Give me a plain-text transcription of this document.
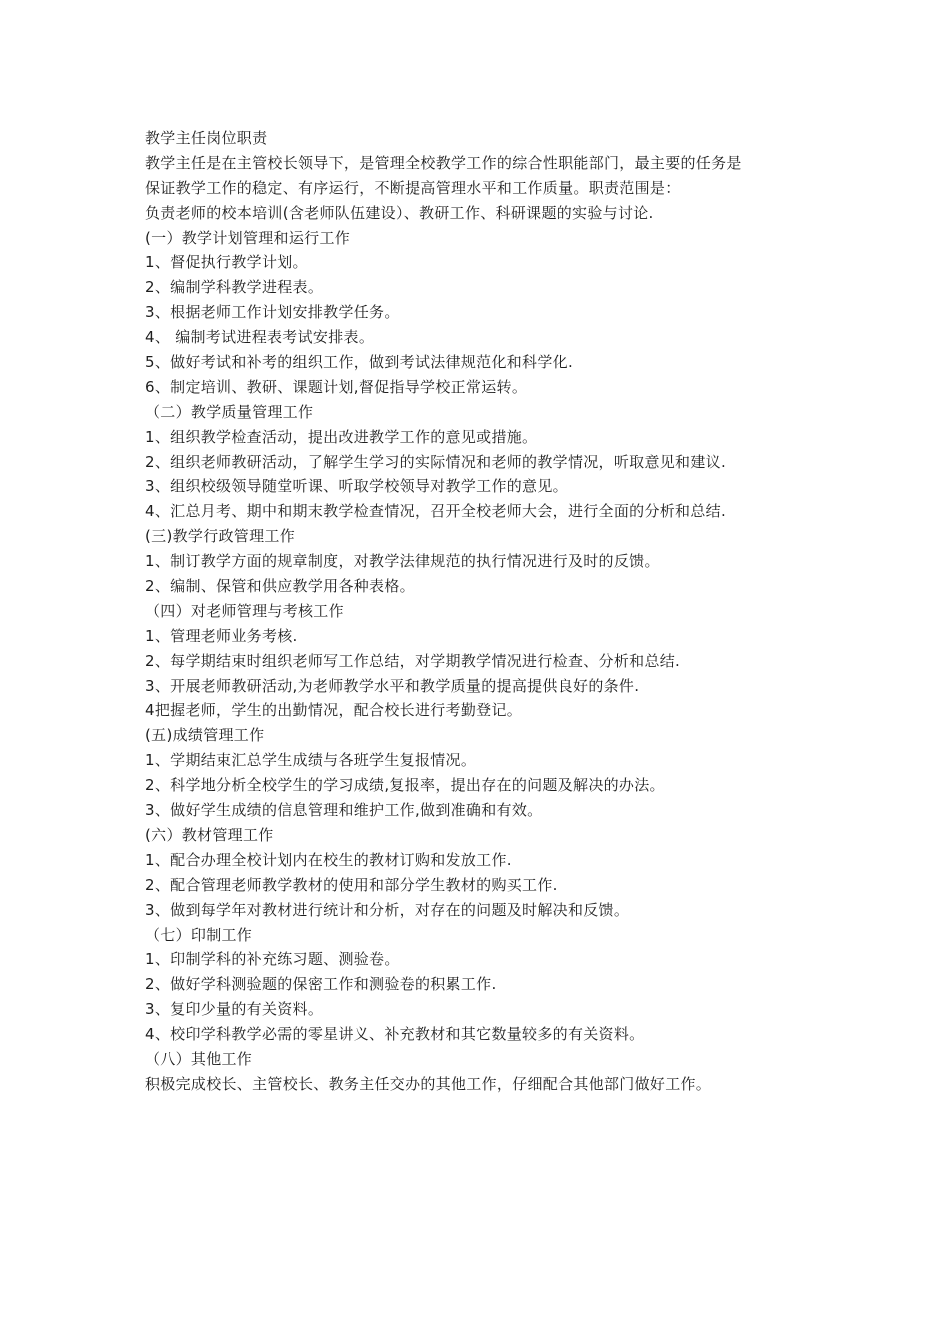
教学主任岗位职责
教学主任是在主管校长领导下，是管理全校教学工作的综合性职能部门，最主要的任务是
保证教学工作的稳定、有序运行，不断提高管理水平和工作质量。职责范围是：
负责老师的校本培训(含老师队伍建设）、教研工作、科研课题的实验与讨论.
(一）教学计划管理和运行工作
1、督促执行教学计划。
2、编制学科教学进程表。
3、根据老师工作计划安排教学任务。
4、 编制考试进程表考试安排表。
5、做好考试和补考的组织工作，做到考试法律规范化和科学化.
6、制定培训、教研、课题计划,督促指导学校正常运转。
（二）教学质量管理工作
1、组织教学检查活动，提出改进教学工作的意见或措施。
2、组织老师教研活动，了解学生学习的实际情况和老师的教学情况，听取意见和建议.
3、组织校级领导随堂听课、听取学校领导对教学工作的意见。
4、汇总月考、期中和期末教学检查情况，召开全校老师大会，进行全面的分析和总结.
(三)教学行政管理工作
1、制订教学方面的规章制度，对教学法律规范的执行情况进行及时的反馈。
2、编制、保管和供应教学用各种表格。
（四）对老师管理与考核工作
1、管理老师业务考核.
2、每学期结束时组织老师写工作总结，对学期教学情况进行检查、分析和总结.
3、开展老师教研活动,为老师教学水平和教学质量的提高提供良好的条件.
4把握老师，学生的出勤情况，配合校长进行考勤登记。
(五)成绩管理工作
1、学期结束汇总学生成绩与各班学生复报情况。
2、科学地分析全校学生的学习成绩,复报率，提出存在的问题及解决的办法。
3、做好学生成绩的信息管理和维护工作,做到准确和有效。
(六）教材管理工作
1、配合办理全校计划内在校生的教材订购和发放工作.
2、配合管理老师教学教材的使用和部分学生教材的购买工作.
3、做到每学年对教材进行统计和分析，对存在的问题及时解决和反馈。
（七）印制工作
1、印制学科的补充练习题、测验卷。
2、做好学科测验题的保密工作和测验卷的积累工作.
3、复印少量的有关资料。
4、校印学科教学必需的零星讲义、补充教材和其它数量较多的有关资料。
（八）其他工作
积极完成校长、主管校长、教务主任交办的其他工作，仔细配合其他部门做好工作。
